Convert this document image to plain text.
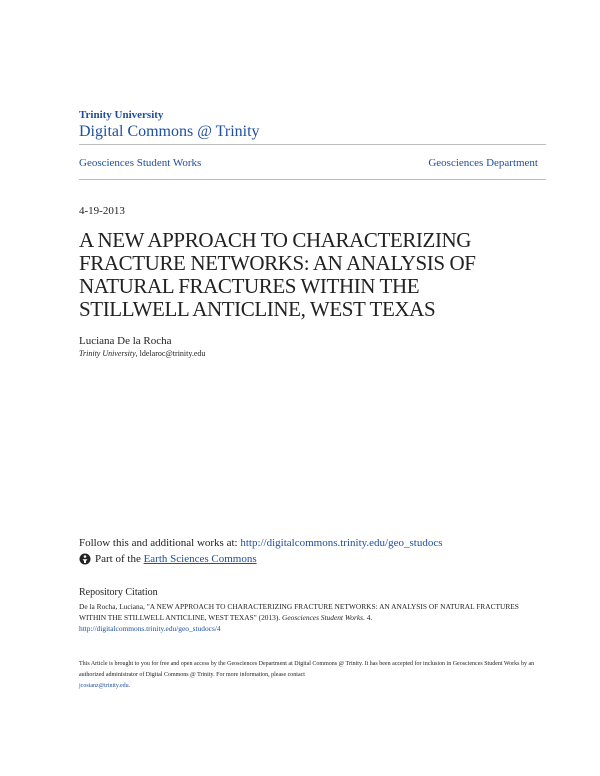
Trinity University
Digital Commons @ Trinity
Geosciences Student Works	Geosciences Department
4-19-2013
A NEW APPROACH TO CHARACTERIZING
FRACTURE NETWORKS: AN ANALYSIS OF
NATURAL FRACTURES WITHIN THE
STILLWELL ANTICLINE, WEST TEXAS
Luciana De la Rocha
Trinity University, ldelaroc@trinity.edu
Follow this and additional works at: http://digitalcommons.trinity.edu/geo_studocs
Part of the
Earth Sciences Commons
Repository Citation
De la Rocha, Luciana, "A NEW APPROACH TO CHARACTERIZING FRACTURE NETWORKS: AN ANALYSIS OF NATURAL FRACTURES WITHIN THE STILLWELL ANTICLINE, WEST TEXAS" (2013). Geosciences Student Works. 4.
http://digitalcommons.trinity.edu/geo_studocs/4
This Article is brought to you for free and open access by the Geosciences Department at Digital Commons @ Trinity. It has been accepted for inclusion in Geosciences Student Works by an authorized administrator of Digital Commons @ Trinity. For more information, please contact
jcostanz@trinity.edu.
